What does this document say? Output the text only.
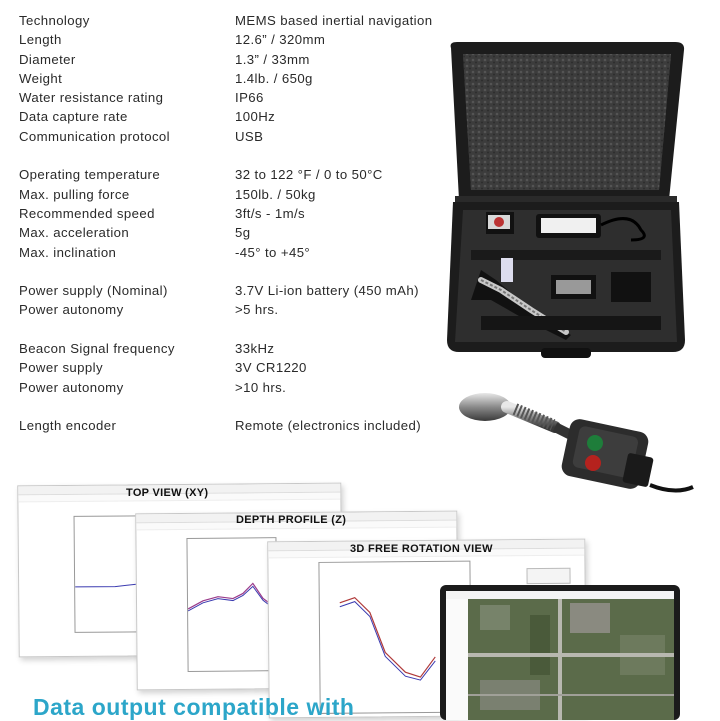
Technology	MEMS based inertial navigation
Length	12.6” / 320mm
Diameter	1.3” / 33mm
Weight	1.4lb. / 650g
Water resistance rating	IP66
Data capture rate	100Hz
Communication protocol	USB
Operating temperature	32 to 122 °F / 0 to 50°C
Max. pulling force	150lb. / 50kg
Recommended speed	3ft/s - 1m/s
Max. acceleration	5g
Max. inclination	-45° to +45°
Power supply (Nominal)	3.7V Li-ion battery (450 mAh)
Power autonomy	>5 hrs.
Beacon Signal frequency	33kHz
Power supply	3V CR1220
Power autonomy	>10 hrs.
Length encoder	Remote (electronics included)
TOP VIEW (XY)
DEPTH PROFILE (Z)
3D FREE ROTATION VIEW
Data output compatible with
